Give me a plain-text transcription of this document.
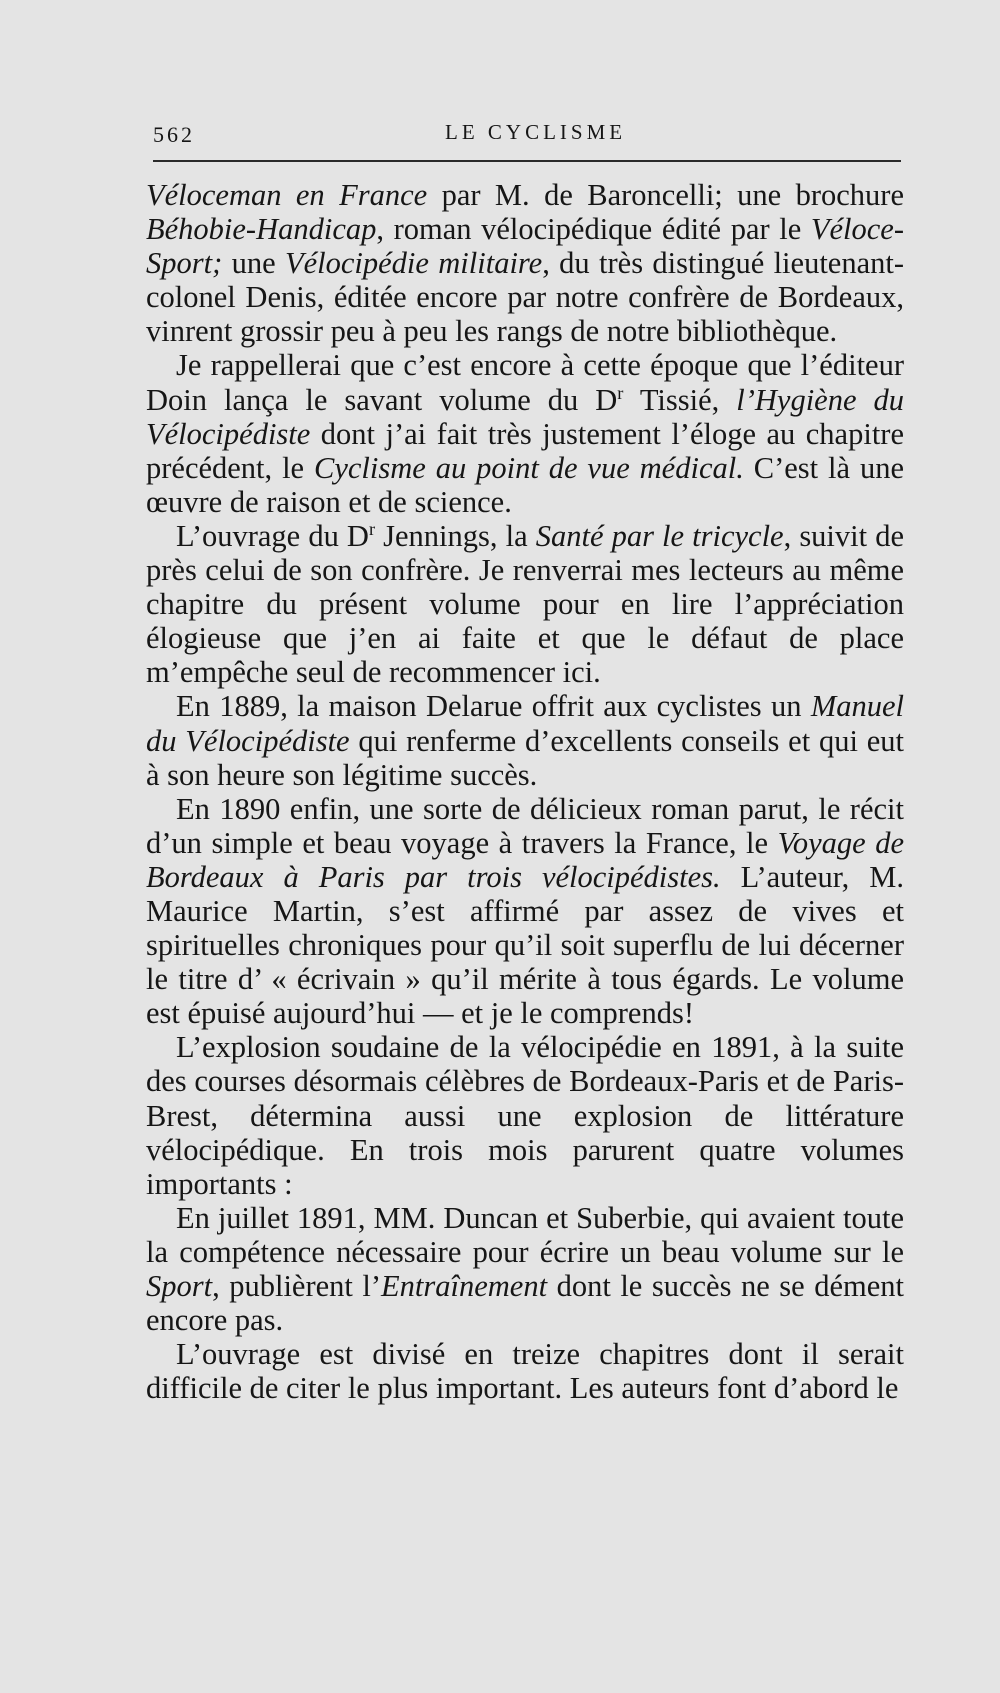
562	LE CYCLISME

Véloceman en France par M. de Baroncelli; une brochure Béhobie-Handicap, roman vélocipédique édité par le Véloce-Sport; une Vélocipédie militaire, du très distingué lieutenant-colonel Denis, éditée encore par notre confrère de Bordeaux, vinrent grossir peu à peu les rangs de notre bibliothèque.

Je rappellerai que c’est encore à cette époque que l’éditeur Doin lança le savant volume du $D^r$ Tissié, l’Hygiène du Vélocipédiste dont j’ai fait très justement l’éloge au chapitre précédent, le Cyclisme au point de vue médical. C’est là une œuvre de raison et de science.

L’ouvrage du $D^r$ Jennings, la Santé par le tricycle, suivit de près celui de son confrère. Je renverrai mes lecteurs au même chapitre du présent volume pour en lire l’appréciation élogieuse que j’en ai faite et que le défaut de place m’empêche seul de recommencer ici.

En 1889, la maison Delarue offrit aux cyclistes un Manuel du Vélocipédiste qui renferme d’excellents conseils et qui eut à son heure son légitime succès.

En 1890 enfin, une sorte de délicieux roman parut, le récit d’un simple et beau voyage à travers la France, le Voyage de Bordeaux à Paris par trois vélocipédistes. L’auteur, M. Maurice Martin, s’est affirmé par assez de vives et spirituelles chroniques pour qu’il soit superflu de lui décerner le titre d’ « écrivain » qu’il mérite à tous égards. Le volume est épuisé aujourd’hui — et je le comprends!

L’explosion soudaine de la vélocipédie en 1891, à la suite des courses désormais célèbres de Bordeaux-Paris et de Paris-Brest, détermina aussi une explosion de littérature vélocipédique. En trois mois parurent quatre volumes importants :

En juillet 1891, MM. Duncan et Suberbie, qui avaient toute la compétence nécessaire pour écrire un beau volume sur le Sport, publièrent l’Entraînement dont le succès ne se dément encore pas.

L’ouvrage est divisé en treize chapitres dont il serait difficile de citer le plus important. Les auteurs font d’abord le
